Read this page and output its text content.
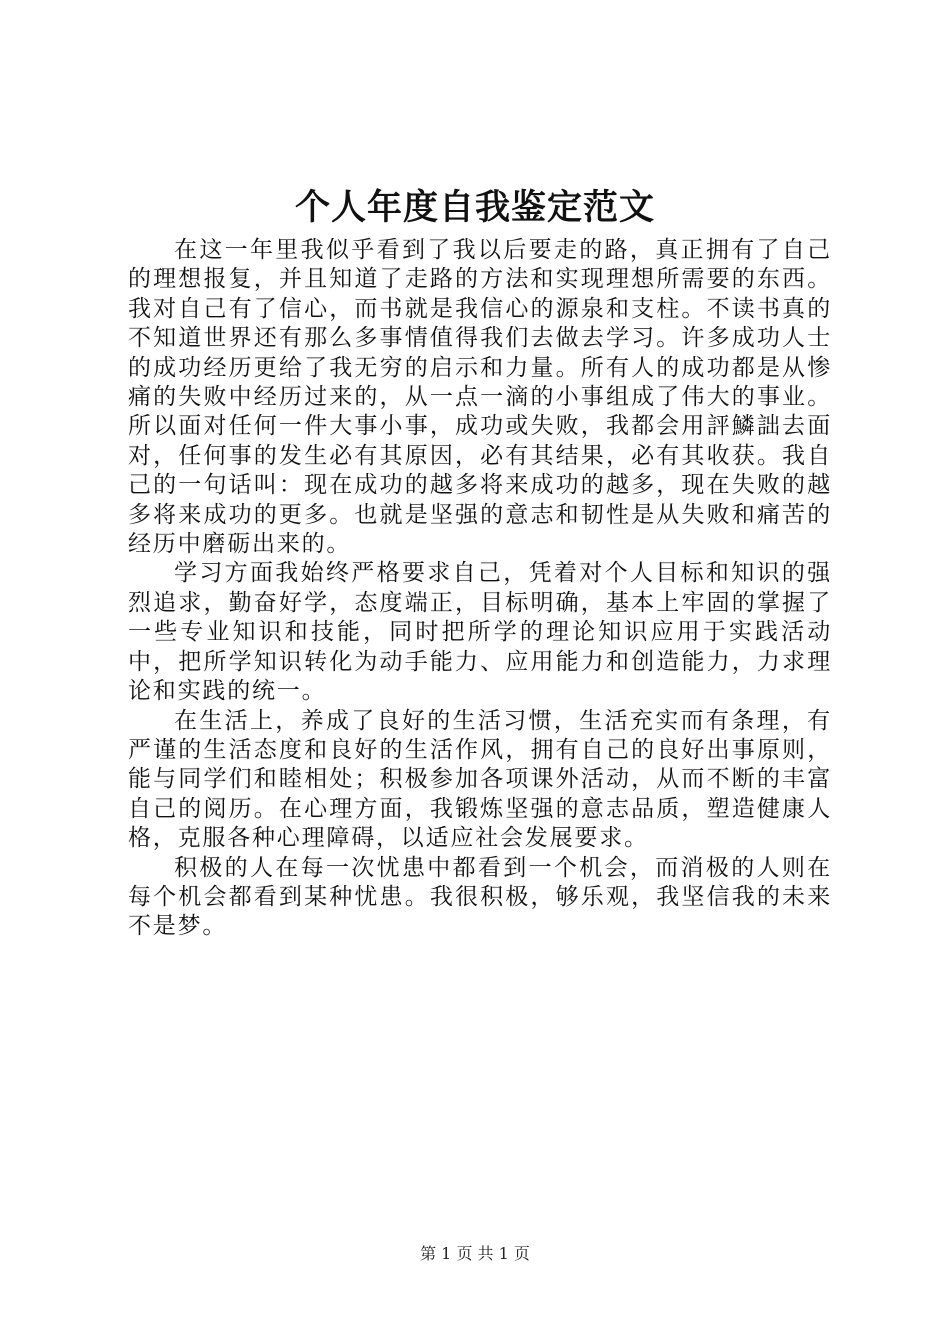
个人年度自我鉴定范文

在这一年里我似乎看到了我以后要走的路，真正拥有了自己的理想报复，并且知道了走路的方法和实现理想所需要的东西。我对自己有了信心，而书就是我信心的源泉和支柱。不读书真的不知道世界还有那么多事情值得我们去做去学习。许多成功人士的成功经历更给了我无穷的启示和力量。所有人的成功都是从惨痛的失败中经历过来的，从一点一滴的小事组成了伟大的事业。所以面对任何一件大事小事，成功或失败，我都会用評鱗詘去面对，任何事的发生必有其原因，必有其结果，必有其收获。我自己的一句话叫：现在成功的越多将来成功的越多，现在失败的越多将来成功的更多。也就是坚强的意志和韧性是从失败和痛苦的经历中磨砺出来的。

学习方面我始终严格要求自己，凭着对个人目标和知识的强烈追求，勤奋好学，态度端正，目标明确，基本上牢固的掌握了一些专业知识和技能，同时把所学的理论知识应用于实践活动中，把所学知识转化为动手能力、应用能力和创造能力，力求理论和实践的统一。

在生活上，养成了良好的生活习惯，生活充实而有条理，有严谨的生活态度和良好的生活作风，拥有自己的良好出事原则，能与同学们和睦相处；积极参加各项课外活动，从而不断的丰富自己的阅历。在心理方面，我锻炼坚强的意志品质，塑造健康人格，克服各种心理障碍，以适应社会发展要求。

积极的人在每一次忧患中都看到一个机会，而消极的人则在每个机会都看到某种忧患。我很积极，够乐观，我坚信我的未来不是梦。

第 1 页 共 1 页
